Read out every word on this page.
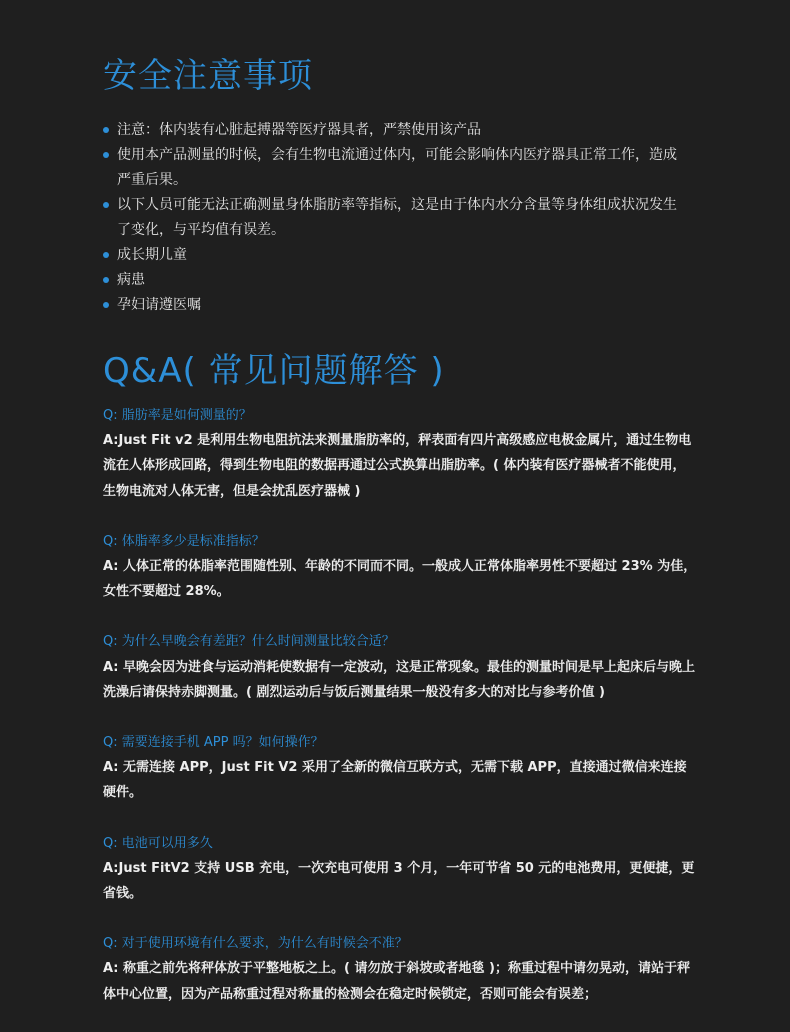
安全注意事项
注意：体内装有心脏起搏器等医疗器具者，严禁使用该产品
使用本产品测量的时候，会有生物电流通过体内，可能会影响体内医疗器具正常工作，造成严重后果。
以下人员可能无法正确测量身体脂肪率等指标，这是由于体内水分含量等身体组成状况发生了变化，与平均值有误差。
成长期儿童
病患
孕妇请遵医嘱
Q&A( 常见问题解答 )
Q: 脂肪率是如何测量的？
A:Just Fit v2 是利用生物电阻抗法来测量脂肪率的，秤表面有四片高级感应电极金属片，通过生物电流在人体形成回路，得到生物电阻的数据再通过公式换算出脂肪率。( 体内装有医疗器械者不能使用，生物电流对人体无害，但是会扰乱医疗器械 )
Q: 体脂率多少是标准指标？
A: 人体正常的体脂率范围随性别、年龄的不同而不同。一般成人正常体脂率男性不要超过 23% 为佳，女性不要超过 28%。
Q: 为什么早晚会有差距？什么时间测量比较合适？
A: 早晚会因为进食与运动消耗使数据有一定波动，这是正常现象。最佳的测量时间是早上起床后与晚上洗澡后请保持赤脚测量。( 剧烈运动后与饭后测量结果一般没有多大的对比与参考价值 )
Q: 需要连接手机 APP 吗？如何操作？
A: 无需连接 APP，Just Fit V2 采用了全新的微信互联方式，无需下载 APP，直接通过微信来连接硬件。
Q: 电池可以用多久
A:Just FitV2 支持 USB 充电，一次充电可使用 3 个月，一年可节省 50 元的电池费用，更便捷，更省钱。
Q: 对于使用环境有什么要求，为什么有时候会不准？
A: 称重之前先将秤体放于平整地板之上。( 请勿放于斜坡或者地毯 )；称重过程中请勿晃动，请站于秤体中心位置，因为产品称重过程对称量的检测会在稳定时候锁定，否则可能会有误差；
